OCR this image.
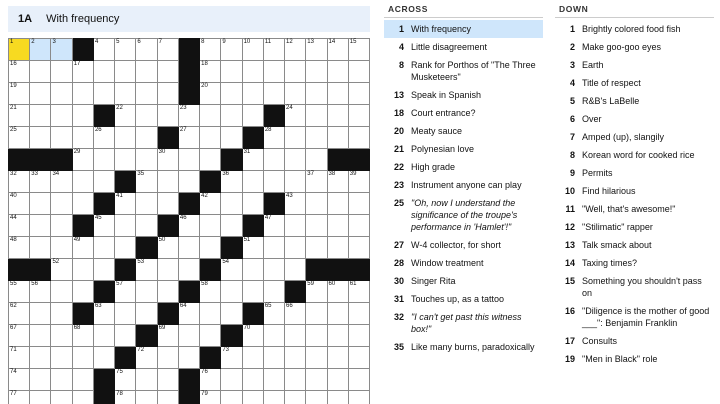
1A With frequency
1	2	3		4	5	6	7		8	9	10	11	12	13	14	15

16			17						18							

19									20							

21					22			23					24			

25				26				27				28				

			29				30				31					

32	33	34				35				36				37	38	39

40					41				42				43			

44				45				46				47				

48			49				50				51					

		52				53				54						

55	56				57				58					59	60	61

62				63				64				65	66			

67			68				69				70					

71						72				73						

74					75				76							

77					78				79							

ACROSS
1 With frequency
4 Little disagreement
8 Rank for Porthos of "The Three Musketeers"
13 Speak in Spanish
18 Court entrance?
20 Meaty sauce
21 Polynesian love
22 High grade
23 Instrument anyone can play
25 "Oh, now I understand the significance of the troupe's performance in 'Hamlet'!"
27 W-4 collector, for short
28 Window treatment
30 Singer Rita
31 Touches up, as a tattoo
32 "I can't get past this witness box!"
35 Like many burns, paradoxically
DOWN
1 Brightly colored food fish
2 Make goo-goo eyes
3 Earth
4 Title of respect
5 R&B's LaBelle
6 Over
7 Amped (up), slangily
8 Korean word for cooked rice
9 Permits
10 Find hilarious
11 "Well, that's awesome!"
12 "Stilimatic" rapper
13 Talk smack about
14 Taxing times?
15 Something you shouldn't pass on
16 "Diligence is the mother of good ___": Benjamin Franklin
17 Consults
19 "Men in Black" role
